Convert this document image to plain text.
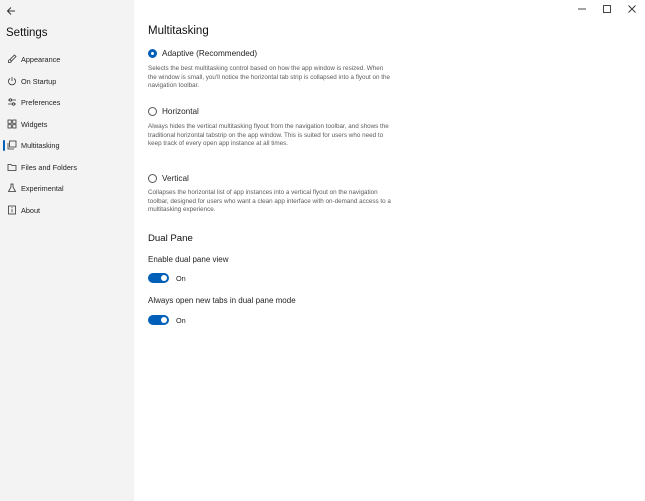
Settings
Appearance
On Startup
Preferences
Widgets
Multitasking
Files and Folders
Experimental
About
Multitasking
Adaptive (Recommended)
Selects the best multitasking control based on how the app window is resized. When the window is small, you'll notice the horizontal tab strip is collapsed into a flyout on the navigation toolbar.
Horizontal
Always hides the vertical multitasking flyout from the navigation toolbar, and shows the traditional horizontal tabstrip on the app window. This is suited for users who need to keep track of every open app instance at all times.
Vertical
Collapses the horizontal list of app instances into a vertical flyout on the navigation toolbar, designed for users who want a clean app interface with on-demand access to a multitasking experience.
Dual Pane
Enable dual pane view
On
Always open new tabs in dual pane mode
On
